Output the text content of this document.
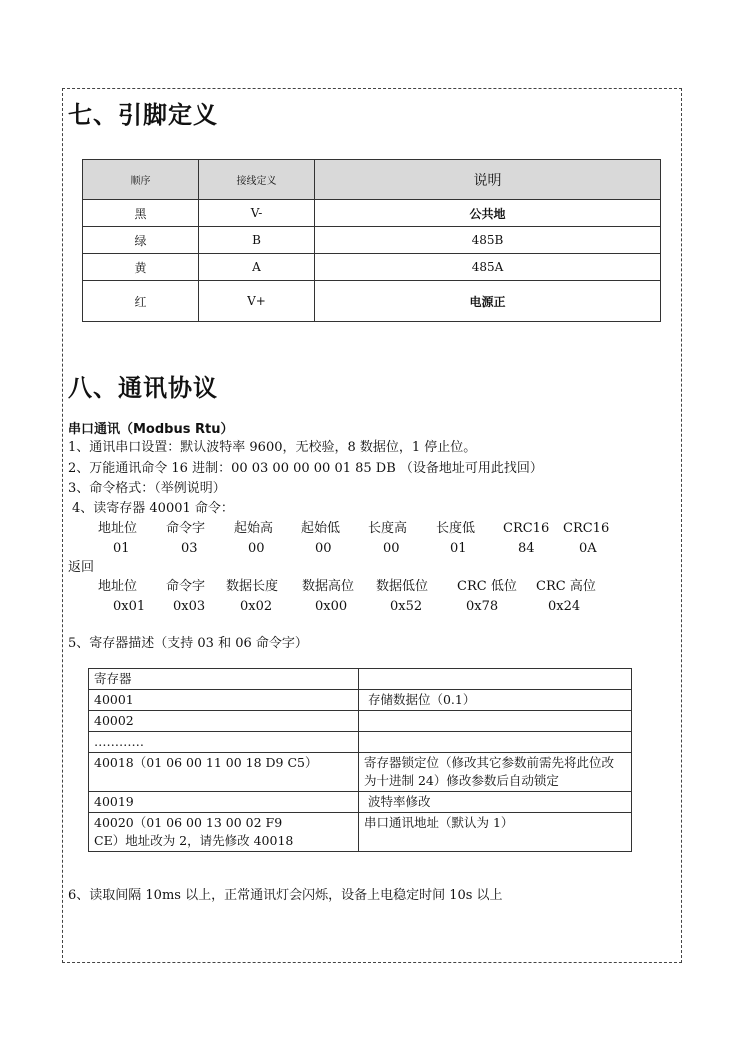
七、引脚定义
顺序	接线定义	说明
黑	V-	公共地
绿	B	485B
黄	A	485A
红	V+	电源正
八、通讯协议
串口通讯（Modbus Rtu）
1、通讯串口设置：默认波特率 9600，无校验，8 数据位，1 停止位。
2、万能通讯命令 16 进制：00 03 00 00 00 01 85 DB （设备地址可用此找回）
3、命令格式：（举例说明）
4、读寄存器 40001 命令：
地址位 命令字 起始高 起始低 长度高 长度低 CRC16 CRC16
01	03	00	00	00	01	84	0A
返回
地址位 命令字 数据长度 数据高位 数据低位 CRC 低位 CRC 高位
0x01 0x03	0x02	0x00	0x52	0x78	0x24
5、寄存器描述（支持 03 和 06 命令字）
寄存器	
40001	存储数据位（0.1）
40002	
…………	
40018（01 06 00 11 00 18 D9 C5）	寄存器锁定位（修改其它参数前需先将此位改为十进制 24）修改参数后自动锁定
40019	波特率修改
40020（01 06 00 13 00 02 F9 CE）地址改为 2，请先修改 40018	串口通讯地址（默认为 1）
6、读取间隔 10ms 以上，正常通讯灯会闪烁，设备上电稳定时间 10s 以上
